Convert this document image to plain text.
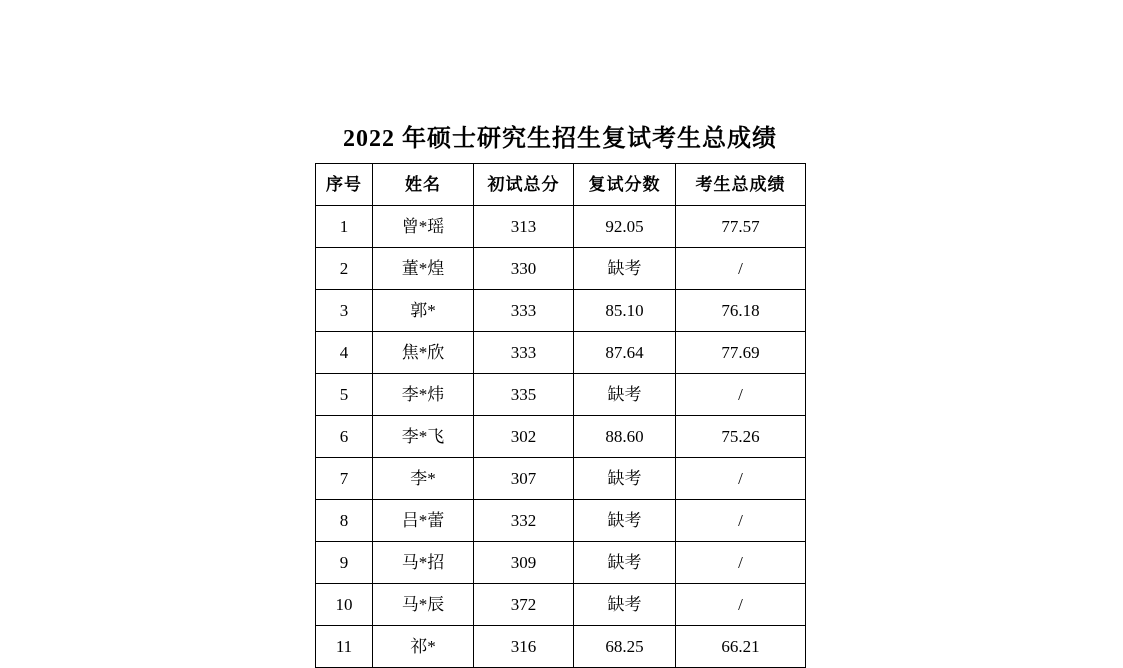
2022 年硕士研究生招生复试考生总成绩
序号	姓名	初试总分	复试分数	考生总成绩
1	曾*瑶	313	92.05	77.57
2	董*煌	330	缺考	/
3	郭*	333	85.10	76.18
4	焦*欣	333	87.64	77.69
5	李*炜	335	缺考	/
6	李*飞	302	88.60	75.26
7	李*	307	缺考	/
8	吕*蕾	332	缺考	/
9	马*招	309	缺考	/
10	马*辰	372	缺考	/
11	祁*	316	68.25	66.21
